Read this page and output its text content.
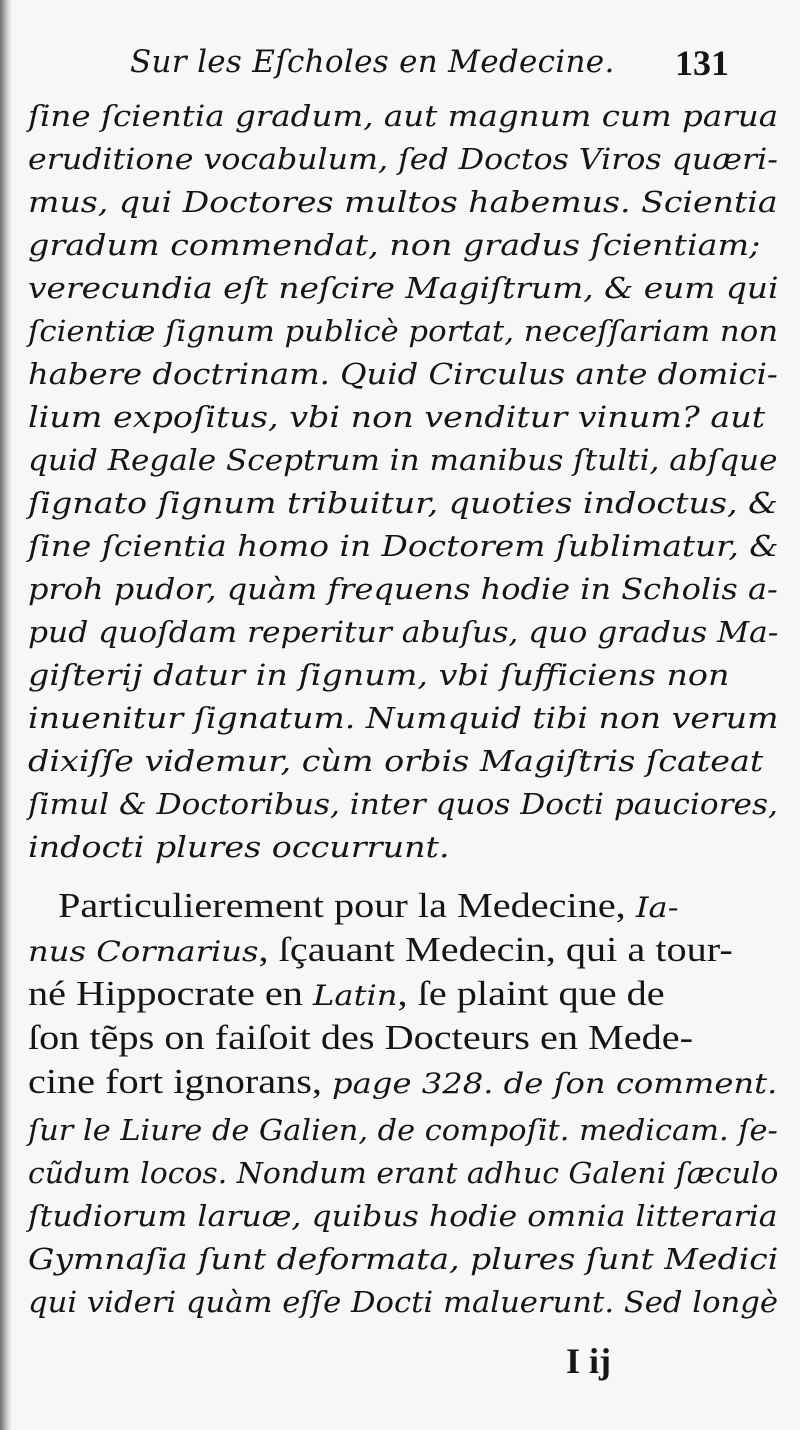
Sur les Eſcholes en Medecine. 131
ſine ſcientia gradum, aut magnum cum parua
eruditione vocabulum, ſed Doctos Viros quæri-
mus, qui Doctores multos habemus. Scientia
gradum commendat, non gradus ſcientiam;
verecundia eſt neſcire Magiſtrum, & eum qui
ſcientiæ ſignum publicè portat, neceſſariam non
habere doctrinam. Quid Circulus ante domici-
lium expoſitus, vbi non venditur vinum? aut
quid Regale Sceptrum in manibus ſtulti, abſque
ſignato ſignum tribuitur, quoties indoctus, &
ſine ſcientia homo in Doctorem ſublimatur, &
proh pudor, quàm frequens hodie in Scholis a-
pud quoſdam reperitur abuſus, quo gradus Ma-
giſterij datur in ſignum, vbi ſufficiens non
inuenitur ſignatum. Numquid tibi non verum
dixiſſe videmur, cùm orbis Magiſtris ſcateat
ſimul & Doctoribus, inter quos Docti pauciores,
indocti plures occurrunt.
Particulierement pour la Medecine, Ia-
nus Cornarius, ſçauant Medecin, qui a tour-
né Hippocrate en Latin, ſe plaint que de
ſon tẽps on faiſoit des Docteurs en Mede-
cine fort ignorans, page 328. de ſon comment.
ſur le Liure de Galien, de compoſit. medicam. ſe-
cũdum locos. Nondum erant adhuc Galeni ſæculo
ſtudiorum laruæ, quibus hodie omnia litteraria
Gymnaſia ſunt deformata, plures ſunt Medici
qui videri quàm eſſe Docti maluerunt. Sed longè
I ij
